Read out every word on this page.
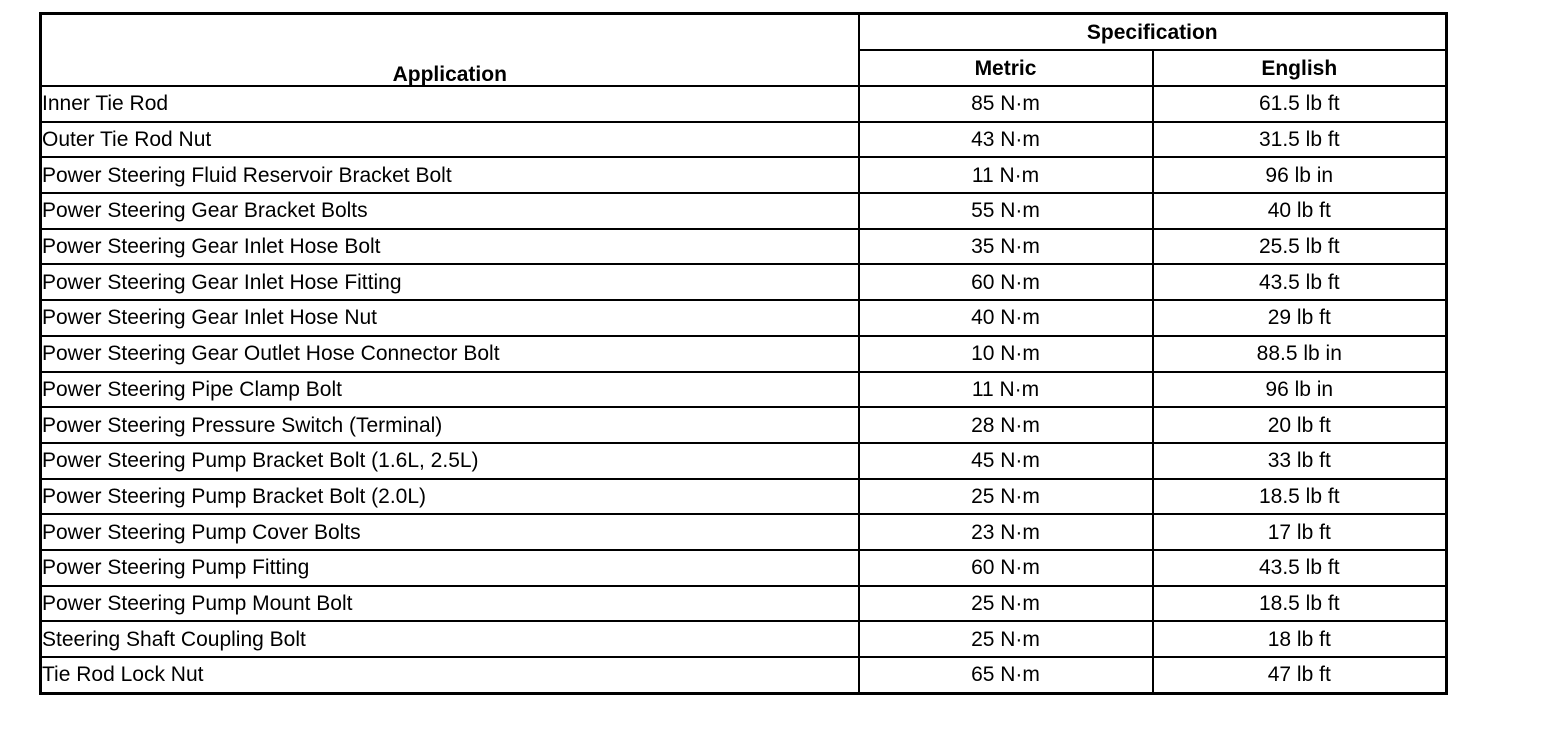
Application	Specification	
	Metric	English
Inner Tie Rod	85 N·m	61.5 lb ft
Outer Tie Rod Nut	43 N·m	31.5 lb ft
Power Steering Fluid Reservoir Bracket Bolt	11 N·m	96 lb in
Power Steering Gear Bracket Bolts	55 N·m	40 lb ft
Power Steering Gear Inlet Hose Bolt	35 N·m	25.5 lb ft
Power Steering Gear Inlet Hose Fitting	60 N·m	43.5 lb ft
Power Steering Gear Inlet Hose Nut	40 N·m	29 lb ft
Power Steering Gear Outlet Hose Connector Bolt	10 N·m	88.5 lb in
Power Steering Pipe Clamp Bolt	11 N·m	96 lb in
Power Steering Pressure Switch (Terminal)	28 N·m	20 lb ft
Power Steering Pump Bracket Bolt (1.6L, 2.5L)	45 N·m	33 lb ft
Power Steering Pump Bracket Bolt (2.0L)	25 N·m	18.5 lb ft
Power Steering Pump Cover Bolts	23 N·m	17 lb ft
Power Steering Pump Fitting	60 N·m	43.5 lb ft
Power Steering Pump Mount Bolt	25 N·m	18.5 lb ft
Steering Shaft Coupling Bolt	25 N·m	18 lb ft
Tie Rod Lock Nut	65 N·m	47 lb ft
